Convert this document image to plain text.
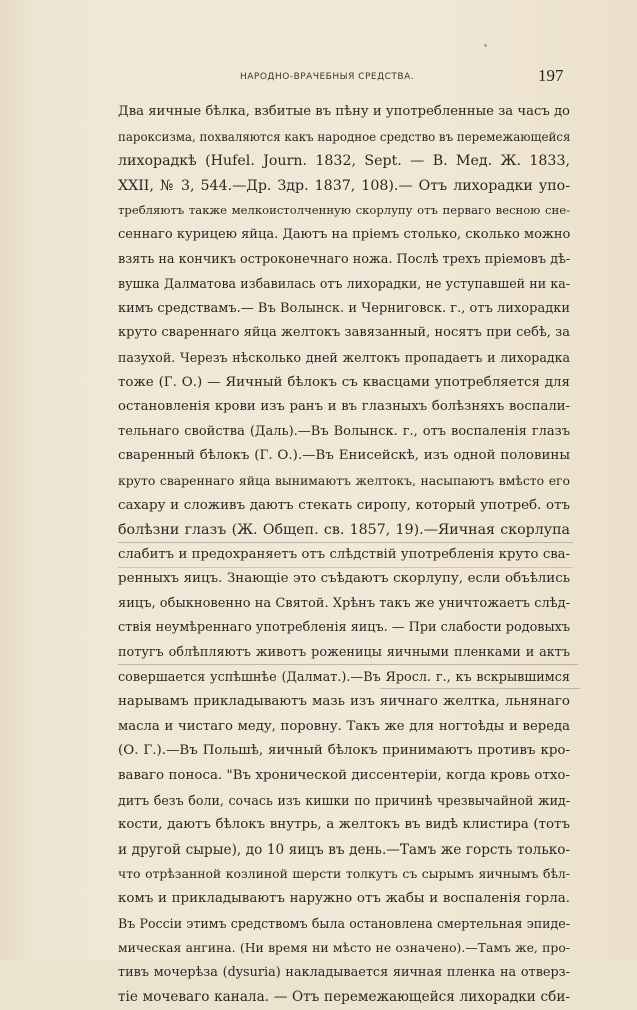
НАРОДНО-ВРАЧЕБНЫЯ СРЕДСТВА.	197
Два яичные бѣлка, взбитые въ пѣну и употребленные за часъ до
пароксизма, похваляются какъ народное средство въ перемежающейся
лихорадкѣ (Hufel. Journ. 1832, Sept. — В. Мед. Ж. 1833,
XXII, № 3, 544.—Др. Здр. 1837, 108).— Отъ лихорадки упо-
требляютъ также мелкоистолченную скорлупу отъ перваго весною сне-
сеннаго курицею яйца. Даютъ на пріемъ столько, сколько можно
взять на кончикъ остроконечнаго ножа. Послѣ трехъ пріемовъ дѣ-
вушка Далматова избавилась отъ лихорадки, не уступавшей ни ка-
кимъ средствамъ.— Въ Волынск. и Черниговск. г., отъ лихорадки
круто свареннаго яйца желтокъ завязанный, носятъ при себѣ, за
пазухой. Черезъ нѣсколько дней желтокъ пропадаетъ и лихорадка
тоже (Г. О.) — Яичный бѣлокъ съ квасцами употребляется для
остановленія крови изъ ранъ и въ глазныхъ болѣзняхъ воспали-
тельнаго свойства (Даль).—Въ Волынск. г., отъ воспаленія глазъ
сваренный бѣлокъ (Г. О.).—Въ Енисейскѣ, изъ одной половины
круто свареннаго яйца вынимаютъ желтокъ, насыпаютъ вмѣсто его
сахару и сложивъ даютъ стекать сиропу, который употреб. отъ
болѣзни глазъ (Ж. Общеп. св. 1857, 19).—Яичная скорлупа
слабитъ и предохраняетъ отъ слѣдствій употребленія круто сва-
ренныхъ яицъ. Знающіе это съѣдаютъ скорлупу, если объѣлись
яицъ, обыкновенно на Святой. Хрѣнъ такъ же уничтожаетъ слѣд-
ствія неумѣреннаго употребленія яицъ. — При слабости родовыхъ
потугъ облѣпляютъ животъ роженицы яичными пленками и актъ
совершается успѣшнѣе (Далмат.).—Въ Яросл. г., къ вскрывшимся
нарывамъ прикладываютъ мазь изъ яичнаго желтка, льнянаго
масла и чистаго меду, поровну. Такъ же для ногтоѣды и вереда
(О. Г.).—Въ Польшѣ, яичный бѣлокъ принимаютъ противъ кро-
ваваго поноса. "Въ хронической диссентеріи, когда кровь отхо-
дитъ безъ боли, сочась изъ кишки по причинѣ чрезвычайной жид-
кости, даютъ бѣлокъ внутрь, а желтокъ въ видѣ клистира (тотъ
и другой сырые), до 10 яицъ въ день.—Тамъ же горсть только-
что отрѣзанной козлиной шерсти толкутъ съ сырымъ яичнымъ бѣл-
комъ и прикладываютъ наружно отъ жабы и воспаленія горла.
Въ Россіи этимъ средствомъ была остановлена смертельная эпиде-
мическая ангина. (Ни время ни мѣсто не означено).—Тамъ же, про-
тивъ мочерѣза (dysuria) накладывается яичная пленка на отверз-
тіе мочеваго канала. — Отъ перемежающейся лихорадки сби-
